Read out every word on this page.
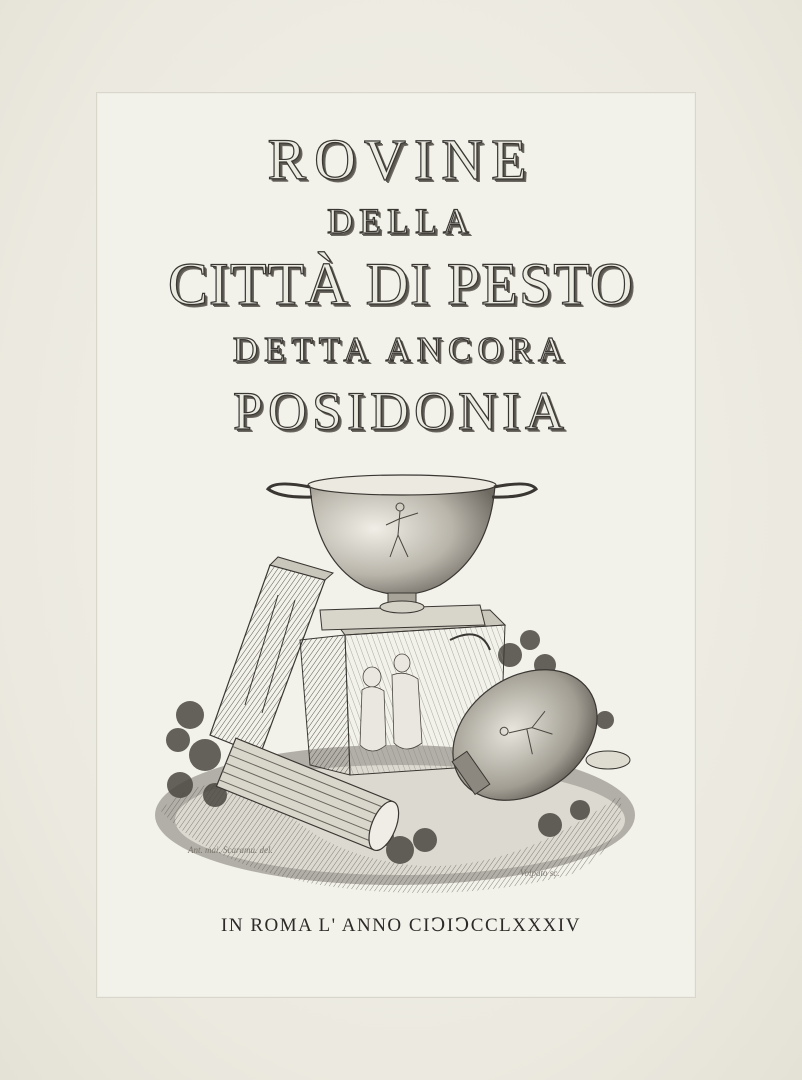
ROVINE
DELLA
CITTÀ DI PESTO
DETTA ANCORA
POSIDONIA
Ant. mai. Scaramu. del.
Volpato sc.
IN ROMA L' ANNO CIↃIↃCCLXXXIV
